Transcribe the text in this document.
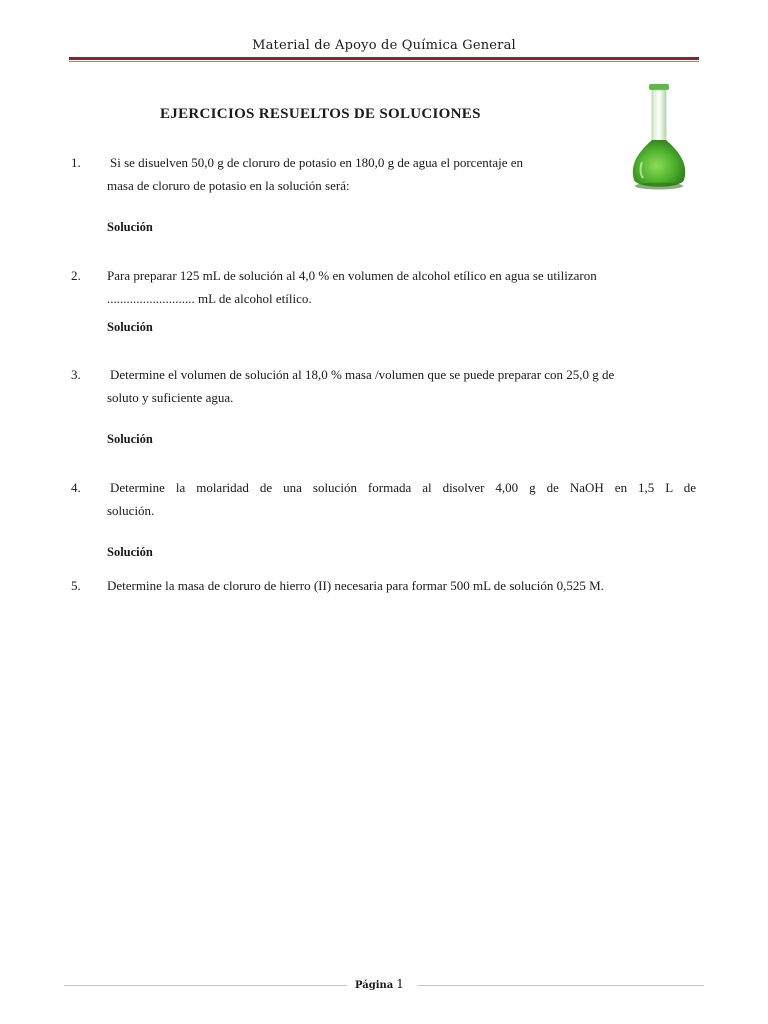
Material de Apoyo de Química General
EJERCICIOS RESUELTOS DE SOLUCIONES
1. Si se disuelven 50,0 g de cloruro de potasio en 180,0 g de agua el porcentaje en
masa de cloruro de potasio en la solución será:
Solución
2. Para preparar 125 mL de solución al 4,0 % en volumen de alcohol etílico en agua se utilizaron
........................... mL de alcohol etílico.
Solución
3. Determine el volumen de solución al 18,0 % masa /volumen que se puede preparar con 25,0 g de
soluto y suficiente agua.
Solución
4. Determine la molaridad de una solución formada al disolver 4,00 g de NaOH en 1,5 L de
solución.
Solución
5. Determine la masa de cloruro de hierro (II) necesaria para formar 500 mL de solución 0,525 M.
Página 1
